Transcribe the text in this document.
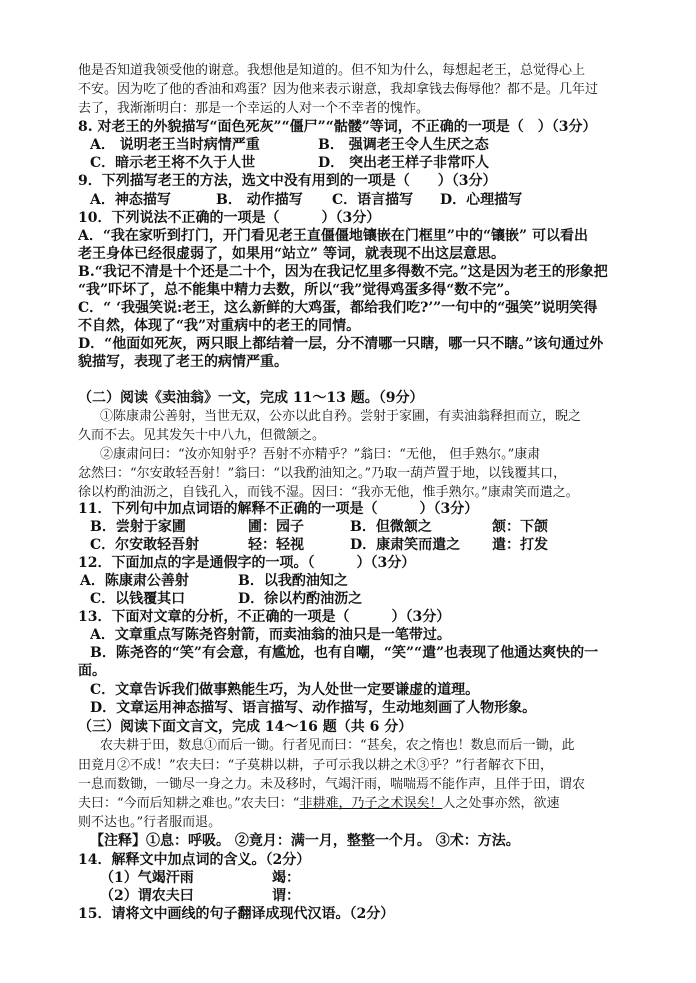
他是否知道我领受他的谢意。我想他是知道的。但不知为什么，每想起老王，总觉得心上
不安。因为吃了他的香油和鸡蛋？因为他来表示谢意，我却拿钱去侮辱他？都不是。几年过
去了，我渐渐明白：那是一个幸运的人对一个不幸者的愧怍。
8. 对老王的外貌描写“面色死灰”“僵尸”“骷髅”等词，不正确的一项是（　）（3分）
A． 说明老王当时病情严重	B． 强调老王令人生厌之态
C．暗示老王将不久于人世	D． 突出老王样子非常吓人
9．下列描写老王的方法，选文中没有用到的一项是（　　）（3分）
A．神态描写	B． 动作描写 C．语言描写 D．心理描写
10．下列说法不正确的一项是（　　　）（3分）
A．“我在家听到打门，开门看见老王直僵僵地镶嵌在门框里”中的“镶嵌” 可以看出
老王身体已经很虚弱了，如果用“站立” 等词，就表现不出这层意思。
B.“我记不清是十个还是二十个，因为在我记忆里多得数不完。”这是因为老王的形象把
“我”吓坏了，总不能集中精力去数，所以“我”觉得鸡蛋多得“数不完”。
C．“ ‘我强笑说:老王，这么新鲜的大鸡蛋，都给我们吃?’”一句中的“强笑”说明笑得
不自然，体现了“我”对重病中的老王的同情。
D．“他面如死灰，两只眼上都结着一层，分不清哪一只瞎，哪一只不瞎。”该句通过外
貌描写，表现了老王的病情严重。
（二）阅读《卖油翁》一文，完成 11～13 题。（9分）
①陈康肃公善射，当世无双，公亦以此自矜。尝射于家圃，有卖油翁释担而立，睨之
久而不去。见其发矢十中八九，但微颔之。
②康肃问曰：“汝亦知射乎？吾射不亦精乎？”翁曰：“无他， 但手熟尔。”康肃
忿然曰：“尔安敢轻吾射！”翁曰：“以我酌油知之。”乃取一葫芦置于地，以钱覆其口，
徐以杓酌油沥之，自钱孔入，而钱不湿。因曰：“我亦无他，惟手熟尔。”康肃笑而遣之。
11．下列句中加点词语的解释不正确的一项是（　　　）（3分）
B．尝射于家圃	圃：园子	B．但微颔之	颔：下颌
C．尔安敢轻吾射	轻：轻视	D．康肃笑而遣之 遣：打发
12．下面加点的字是通假字的一项。（　　　）（3分）
A．陈康肃公善射	B．以我酌油知之
C．以钱覆其口	D．徐以杓酌油沥之
13．下面对文章的分析，不正确的一项是（　　　）（3分）
A．文章重点写陈尧咨射箭，而卖油翁的油只是一笔带过。
B．陈尧咨的“笑”有会意，有尴尬，也有自嘲，“笑”“遣”也表现了他通达爽快的一
面。
C．文章告诉我们做事熟能生巧，为人处世一定要谦虚的道理。
D．文章运用神态描写、语言描写、动作描写，生动地刻画了人物形象。
（三）阅读下面文言文，完成 14～16 题（共 6 分）
农夫耕于田，数息①而后一锄。行者见而曰：“甚矣，农之惰也！数息而后一锄，此
田竟月②不成！”农夫曰：“子莫耕以耕，子可示我以耕之术③乎？”行者解衣下田，
一息而数锄，一锄尽一身之力。未及移时，气竭汗雨，喘喘焉不能作声，且伴于田，谓农
夫曰：“今而后知耕之难也。”农夫曰：“非耕难，乃子之术误矣！人之处事亦然，欲速
则不达也。”行者服而退。
【注释】①息：呼吸。 ②竟月：满一月，整整一个月。 ③术：方法。
14．解释文中加点词的含义。（2分）
（1）气竭汗雨	竭：
（2）谓农夫曰	谓：
15．请将文中画线的句子翻译成现代汉语。（2分）
